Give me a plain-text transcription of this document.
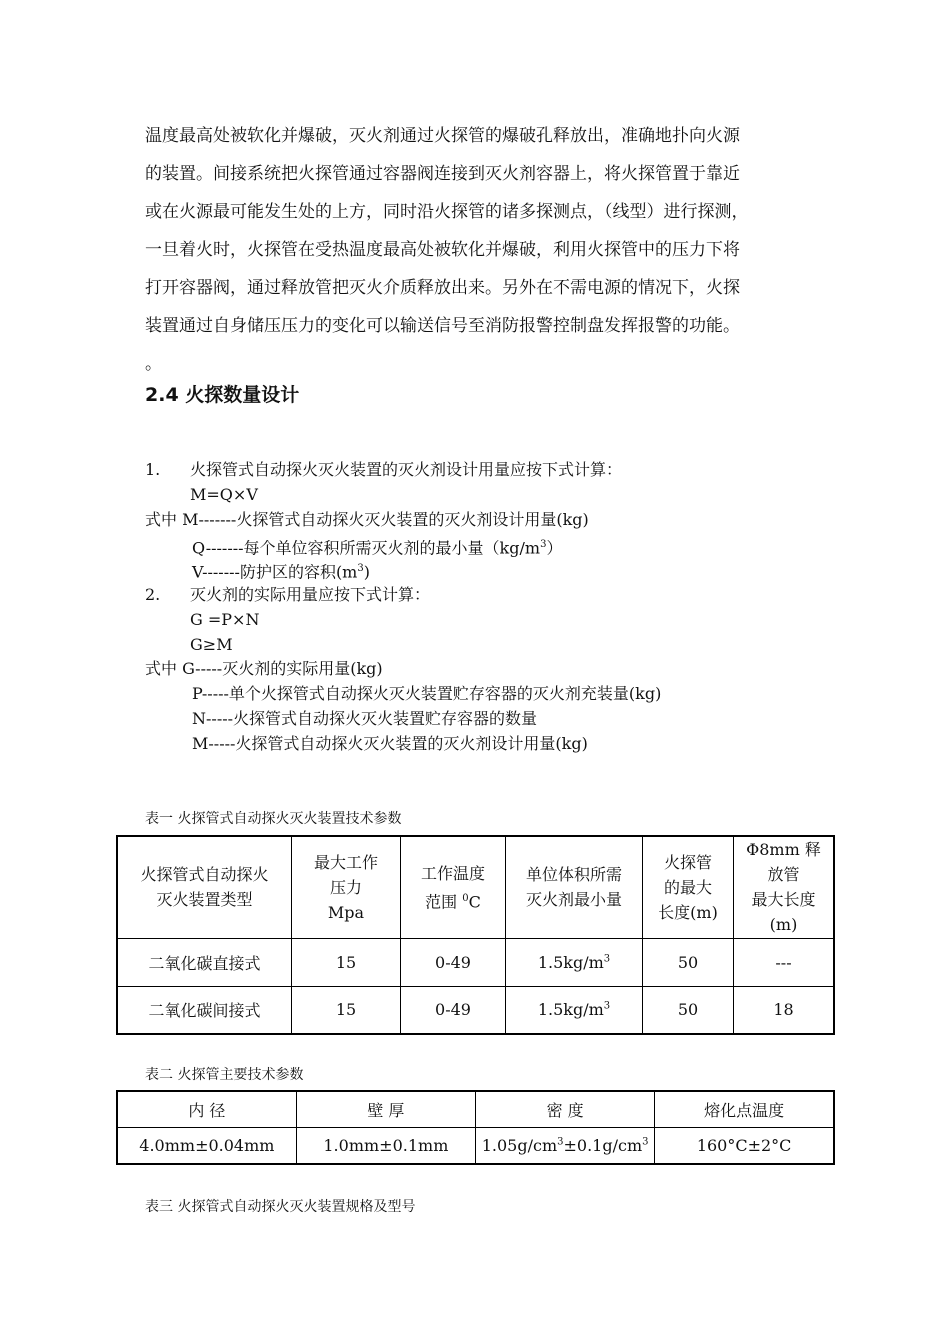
温度最高处被软化并爆破，灭火剂通过火探管的爆破孔释放出，准确地扑向火源

的装置。间接系统把火探管通过容器阀连接到灭火剂容器上，将火探管置于靠近

或在火源最可能发生处的上方，同时沿火探管的诸多探测点，（线型）进行探测，

一旦着火时，火探管在受热温度最高处被软化并爆破，利用火探管中的压力下将

打开容器阀，通过释放管把灭火介质释放出来。另外在不需电源的情况下，火探

装置通过自身储压压力的变化可以输送信号至消防报警控制盘发挥报警的功能。

。

2.4 火探数量设计
1. 火探管式自动探火灭火装置的灭火剂设计用量应按下式计算：
M=Q×V
式中 M-------火探管式自动探火灭火装置的灭火剂设计用量(kg)
Q-------每个单位容积所需灭火剂的最小量$(kg/m^3)$
V-------防护区的容积$(m^3)$
2. 灭火剂的实际用量应按下式计算：
G =P×N
G≥M
式中 G-----灭火剂的实际用量(kg)
P-----单个火探管式自动探火灭火装置贮存容器的灭火剂充装量(kg)
N-----火探管式自动探火灭火装置贮存容器的数量
M-----火探管式自动探火灭火装置的灭火剂设计用量(kg)
表一 火探管式自动探火灭火装置技术参数
火探管式自动探火
灭火装置类型	最大工作
压力
Mpa	工作温度
范围 $^0$C	单位体积所需
灭火剂最小量	火探管
的最大
长度(m)	Φ8mm 释
放管
最大长度
(m)
二氧化碳直接式	15	0-49	$1.5kg/m^3$	50	---
二氧化碳间接式	15	0-49	$1.5kg/m^3$	50	18
表二 火探管主要技术参数
内 径	壁 厚	密 度	熔化点温度
4.0mm±0.04mm	1.0mm±0.1mm	$1.05g/cm^3\pm 0.1g/cm^3$	160°C±2°C
表三 火探管式自动探火灭火装置规格及型号
